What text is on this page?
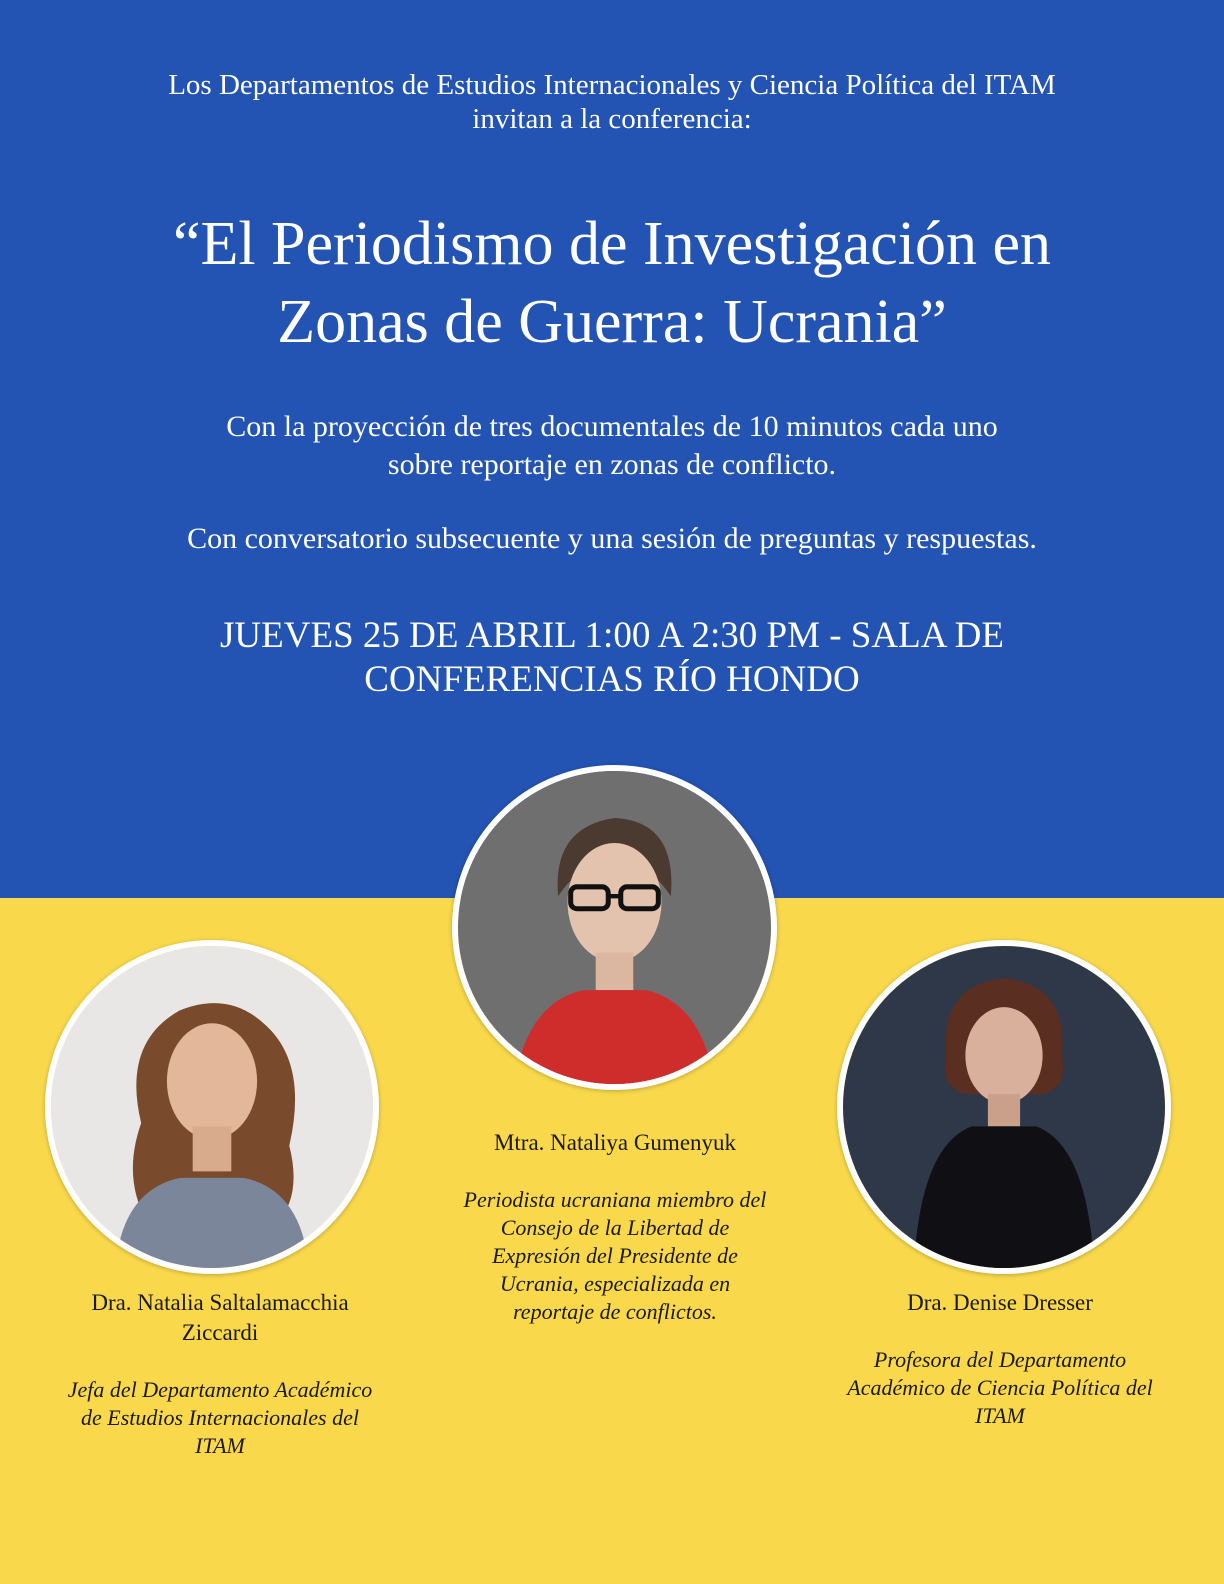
Los Departamentos de Estudios Internacionales y Ciencia Política del ITAM
invitan a la conferencia:
“El Periodismo de Investigación en
Zonas de Guerra: Ucrania”
Con la proyección de tres documentales de 10 minutos cada uno
sobre reportaje en zonas de conflicto.
Con conversatorio subsecuente y una sesión de preguntas y respuestas.
JUEVES 25 DE ABRIL 1:00 A 2:30 PM - SALA DE
CONFERENCIAS RÍO HONDO
Dra. Natalia Saltalamacchia
Ziccardi
Jefa del Departamento Académico
de Estudios Internacionales del
ITAM
Mtra. Nataliya Gumenyuk
Periodista ucraniana miembro del
Consejo de la Libertad de
Expresión del Presidente de
Ucrania, especializada en
reportaje de conflictos.	Dra. Denise Dresser
Profesora del Departamento
Académico de Ciencia Política del
ITAM
